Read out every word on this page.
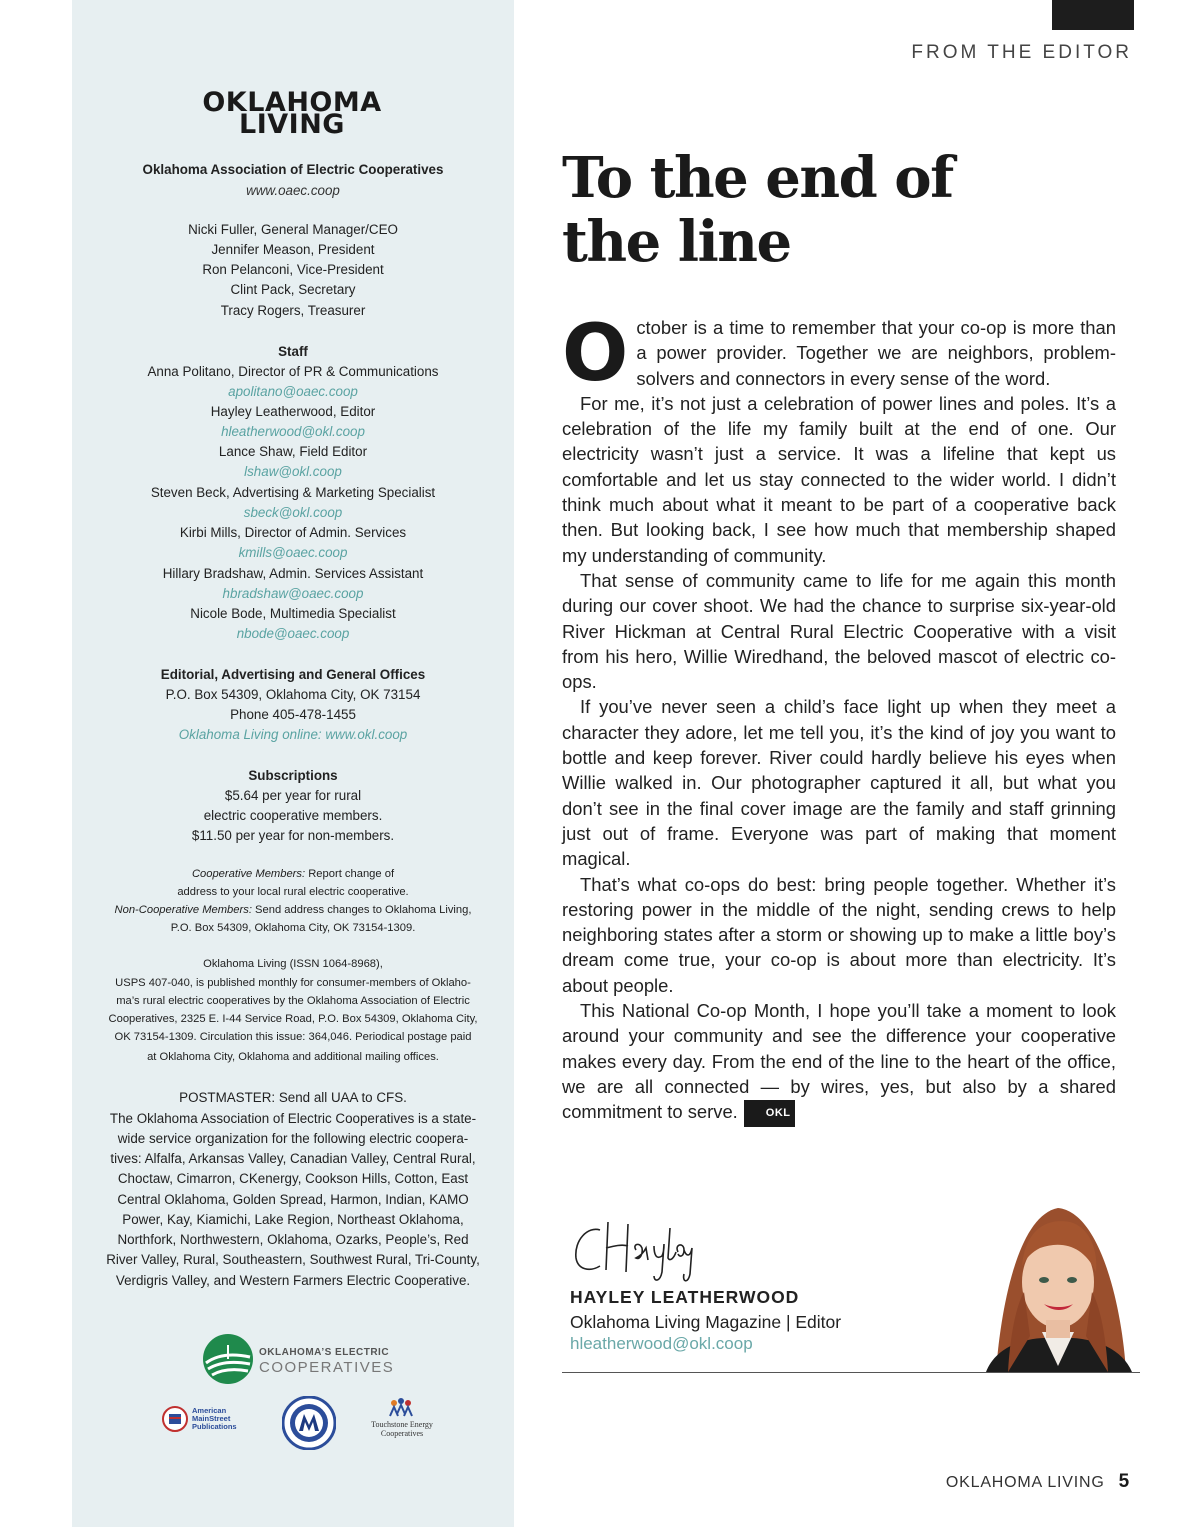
OKLAHOMA
LIVING
Oklahoma Association of Electric Cooperatives
www.oaec.coop
Nicki Fuller, General Manager/CEO
Jennifer Meason, President
Ron Pelanconi, Vice-President
Clint Pack, Secretary
Tracy Rogers, Treasurer
Staff
Anna Politano, Director of PR & Communications
apolitano@oaec.coop
Hayley Leatherwood, Editor
hleatherwood@okl.coop
Lance Shaw, Field Editor
lshaw@okl.coop
Steven Beck, Advertising & Marketing Specialist
sbeck@okl.coop
Kirbi Mills, Director of Admin. Services
kmills@oaec.coop
Hillary Bradshaw, Admin. Services Assistant
hbradshaw@oaec.coop
Nicole Bode, Multimedia Specialist
nbode@oaec.coop
Editorial, Advertising and General Offices
P.O. Box 54309, Oklahoma City, OK 73154
Phone 405-478-1455
Oklahoma Living online: www.okl.coop
Subscriptions
$5.64 per year for rural
electric cooperative members.
$11.50 per year for non-members.
Cooperative Members: Report change of
address to your local rural electric cooperative.
Non-Cooperative Members: Send address changes to Oklahoma Living,
P.O. Box 54309, Oklahoma City, OK 73154-1309.
Oklahoma Living (ISSN 1064-8968),
USPS 407-040, is published monthly for consumer-members of Oklaho-
ma’s rural electric cooperatives by the Oklahoma Association of Electric
Cooperatives, 2325 E. I-44 Service Road, P.O. Box 54309, Oklahoma City,
OK 73154-1309. Circulation this issue: 364,046. Periodical postage paid
at Oklahoma City, Oklahoma and additional mailing offices.
POSTMASTER: Send all UAA to CFS.
The Oklahoma Association of Electric Cooperatives is a state-
wide service organization for the following electric coopera-
tives: Alfalfa, Arkansas Valley, Canadian Valley, Central Rural,
Choctaw, Cimarron, CKenergy, Cookson Hills, Cotton, East
Central Oklahoma, Golden Spread, Harmon, Indian, KAMO
Power, Kay, Kiamichi, Lake Region, Northeast Oklahoma,
Northfork, Northwestern, Oklahoma, Ozarks, People’s, Red
River Valley, Rural, Southeastern, Southwest Rural, Tri-County,
Verdigris Valley, and Western Farmers Electric Cooperative.
OKLAHOMA’S ELECTRIC
COOPERATIVES
American
MainStreet
Publications	Touchstone Energy
Cooperatives
FROM THE EDITOR
To the end of
the line

October is a time to remember that your co-op is more than a power provider. Together we are neighbors, problem-solvers and connectors in every sense of the word.

For me, it’s not just a celebration of power lines and poles. It’s a celebration of the life my family built at the end of one. Our electricity wasn’t just a service. It was a lifeline that kept us comfortable and let us stay connected to the wider world. I didn’t think much about what it meant to be part of a cooperative back then. But looking back, I see how much that membership shaped my understanding of community.

That sense of community came to life for me again this month during our cover shoot. We had the chance to surprise six-year-old River Hickman at Central Rural Electric Cooperative with a visit from his hero, Willie Wiredhand, the beloved mascot of electric co-ops.

If you’ve never seen a child’s face light up when they meet a character they adore, let me tell you, it’s the kind of joy you want to bottle and keep forever. River could hardly believe his eyes when Willie walked in. Our photographer captured it all, but what you don’t see in the final cover image are the family and staff grinning just out of frame. Everyone was part of making that moment magical.

That’s what co-ops do best: bring people together. Whether it’s restoring power in the middle of the night, sending crews to help neighboring states after a storm or showing up to make a little boy’s dream come true, your co-op is about more than electricity. It’s about people.

This National Co-op Month, I hope you’ll take a moment to look around your community and see the difference your cooperative makes every day. From the end of the line to the heart of the office, we are all connected — by wires, yes, but also by a shared commitment to serve.	OKL

HAYLEY LEATHERWOOD
Oklahoma Living Magazine | Editor
hleatherwood@okl.coop
OKLAHOMA LIVING 5
